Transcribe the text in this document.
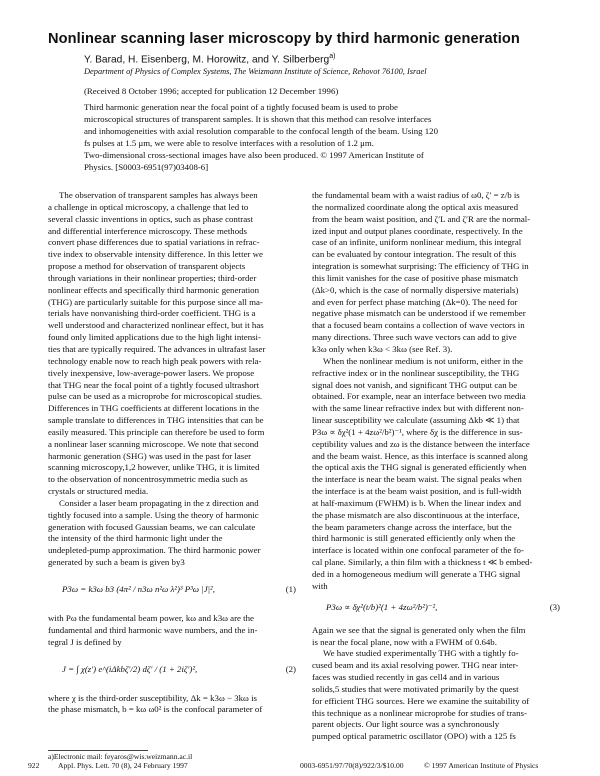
Nonlinear scanning laser microscopy by third harmonic generation
Y. Barad, H. Eisenberg, M. Horowitz, and Y. Silberberg$^{a)}$
Department of Physics of Complex Systems, The Weizmann Institute of Science, Rehovot 76100, Israel
(Received 8 October 1996; accepted for publication 12 December 1996)
Third harmonic generation near the focal point of a tightly focused beam is used to probe
microscopical structures of transparent samples. It is shown that this method can resolve interfaces
and inhomogeneities with axial resolution comparable to the confocal length of the beam. Using 120
fs pulses at 1.5 μm, we were able to resolve interfaces with a resolution of 1.2 μm.
Two-dimensional cross-sectional images have also been produced. © 1997 American Institute of
Physics. [S0003-6951(97)03408-6]
The observation of transparent samples has always been
a challenge in optical microscopy, a challenge that led to
several classic inventions in optics, such as phase contrast
and differential interference microscopy. These methods
convert phase differences due to spatial variations in refrac-
tive index to observable intensity difference. In this letter we
propose a method for observation of transparent objects
through variations in their nonlinear properties; third-order
nonlinear effects and specifically third harmonic generation
(THG) are particularly suitable for this purpose since all ma-
terials have nonvanishing third-order coefficient. THG is a
well understood and characterized nonlinear effect, but it has
found only limited applications due to the high light intensi-
ties that are typically required. The advances in ultrafast laser
technology enable now to reach high peak powers with rela-
tively inexpensive, low-average-power lasers. We propose
that THG near the focal point of a tightly focused ultrashort
pulse can be used as a microprobe for microscopical studies.
Differences in THG coefficients at different locations in the
sample translate to differences in THG intensities that can be
easily measured. This principle can therefore be used to form
a nonlinear laser scanning microscope. We note that second
harmonic generation (SHG) was used in the past for laser
scanning microscopy,1,2 however, unlike THG, it is limited
to the observation of noncentrosymmetric media such as
crystals or structured media.
Consider a laser beam propagating in the z direction and
tightly focused into a sample. Using the theory of harmonic
generation with focused Gaussian beams, we can calculate
the intensity of the third harmonic light under the
undepleted-pump approximation. The third harmonic power
generated by such a beam is given by3
P3ω = k3ω b3 (4π² / n3ω n²ω λ²)³ P³ω |J|²,	(1)
with Pω the fundamental beam power, kω and k3ω are the
fundamental and third harmonic wave numbers, and the in-
tegral J is defined by
J = ∫ χ(z′) e^(iΔkbζ′/2) dζ′ / (1 + 2iζ′)²,	(2)
where χ is the third-order susceptibility, Δk = k3ω − 3kω is
the phase mismatch, b = kω ω0² is the confocal parameter of
the fundamental beam with a waist radius of ω0, ζ′ = z/b is
the normalized coordinate along the optical axis measured
from the beam waist position, and ζ′L and ζ′R are the normal-
ized input and output planes coordinate, respectively. In the
case of an infinite, uniform nonlinear medium, this integral
can be evaluated by contour integration. The result of this
integration is somewhat surprising: The efficiency of THG in
this limit vanishes for the case of positive phase mismatch
(Δk>0, which is the case of normally dispersive materials)
and even for perfect phase matching (Δk=0). The need for
negative phase mismatch can be understood if we remember
that a focused beam contains a collection of wave vectors in
many directions. Three such wave vectors can add to give
k3ω only when k3ω < 3kω (see Ref. 3).
When the nonlinear medium is not uniform, either in the
refractive index or in the nonlinear susceptibility, the THG
signal does not vanish, and significant THG output can be
obtained. For example, near an interface between two media
with the same linear refractive index but with different non-
linear susceptibility we calculate (assuming Δkb ≪ 1) that
P3ω ∝ δχ²(1 + 4zω²/b²)⁻¹, where δχ is the difference in sus-
ceptibility values and zω is the distance between the interface
and the beam waist. Hence, as this interface is scanned along
the optical axis the THG signal is generated efficiently when
the interface is near the beam waist. The signal peaks when
the interface is at the beam waist position, and is full-width
at half-maximum (FWHM) is b. When the linear index and
the phase mismatch are also discontinuous at the interface,
the beam parameters change across the interface, but the
third harmonic is still generated efficiently only when the
interface is located within one confocal parameter of the fo-
cal plane. Similarly, a thin film with a thickness t ≪ b embed-
ded in a homogeneous medium will generate a THG signal
with
P3ω ∝ δχ²(t/b)²(1 + 4zω²/b²)⁻²,	(3)
Again we see that the signal is generated only when the film
is near the focal plane, now with a FWHM of 0.64b.
We have studied experimentally THG with a tightly fo-
cused beam and its axial resolving power. THG near inter-
faces was studied recently in gas cell4 and in various
solids,5 studies that were motivated primarily by the quest
for efficient THG sources. Here we examine the suitability of
this technique as a nonlinear microprobe for studies of trans-
parent objects. Our light source was a synchronously
pumped optical parametric oscillator (OPO) with a 125 fs
a)Electronic mail: feyaros@wis.weizmann.ac.il
922 Appl. Phys. Lett. 70 (8), 24 February 1997	0003-6951/97/70(8)/922/3/$10.00	© 1997 American Institute of Physics
